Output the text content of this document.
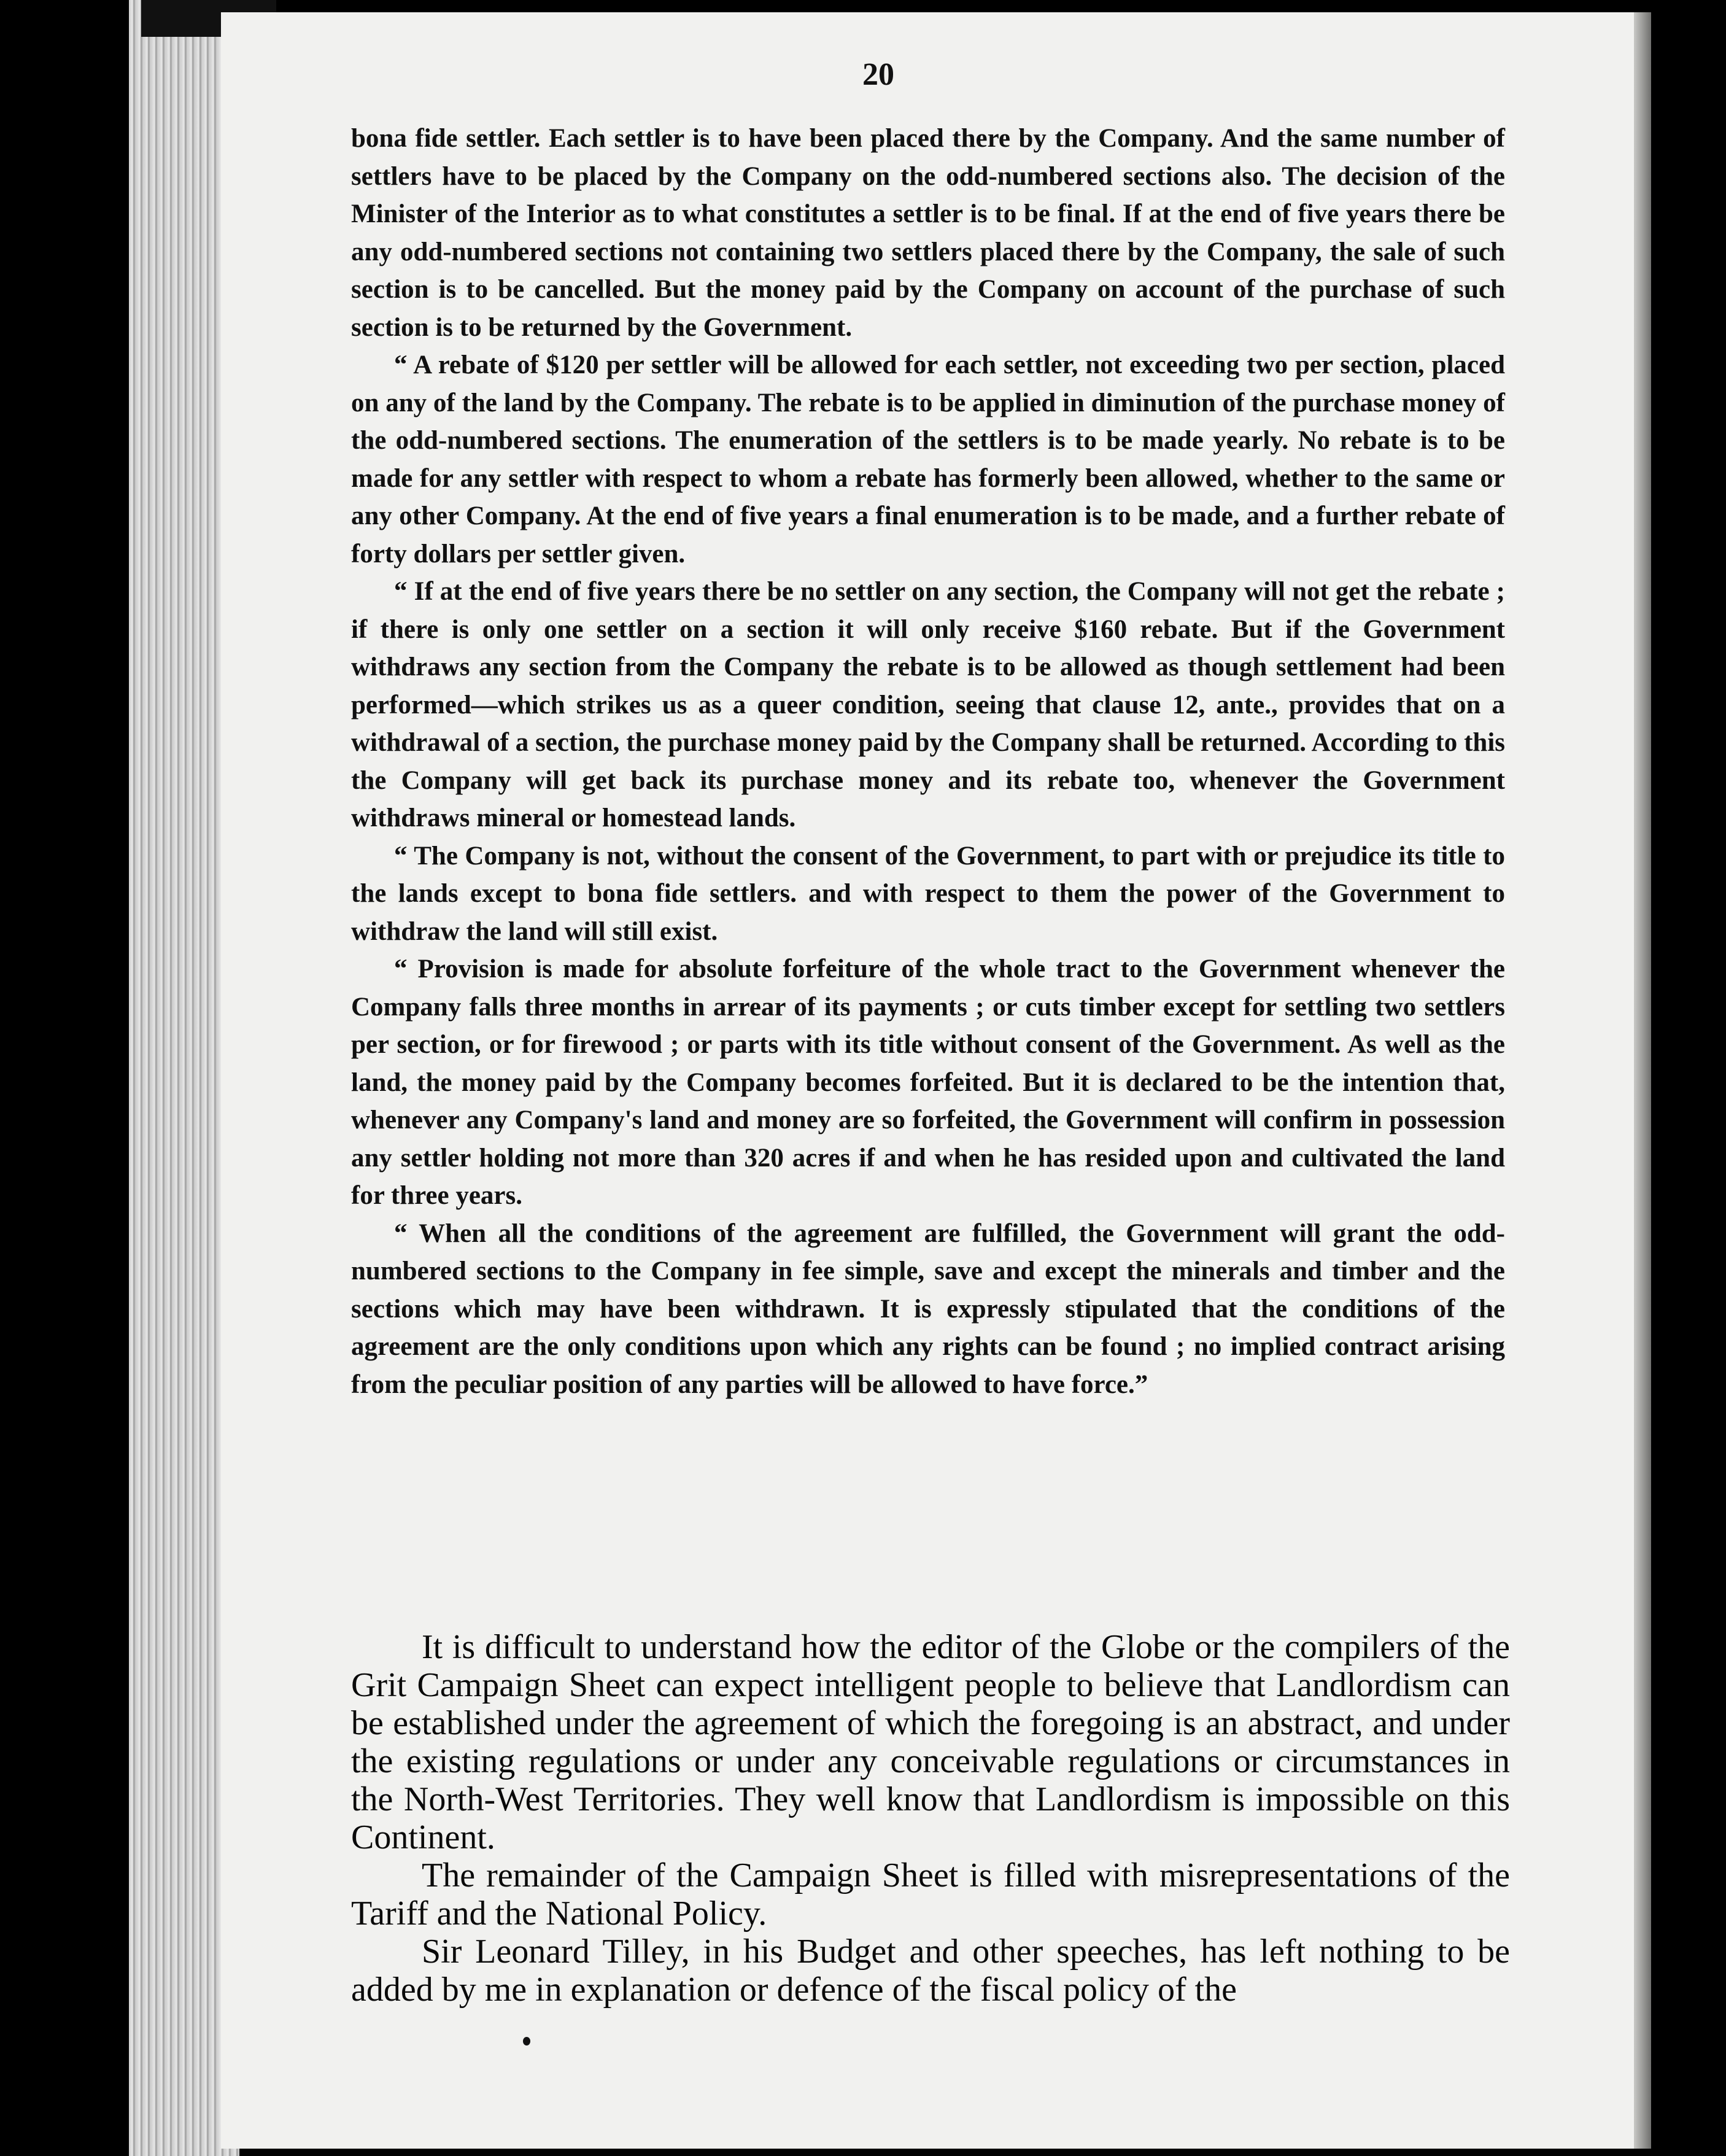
20

bona fide settler. Each settler is to have been placed there by the Company. And the same number of settlers have to be placed by the Company on the odd-numbered sections also. The decision of the Minister of the Interior as to what constitutes a settler is to be final. If at the end of five years there be any odd-numbered sections not containing two settlers placed there by the Company, the sale of such section is to be cancelled. But the money paid by the Company on account of the purchase of such section is to be returned by the Government.

“ A rebate of $120 per settler will be allowed for each settler, not exceeding two per section, placed on any of the land by the Company. The rebate is to be applied in diminution of the purchase money of the odd-numbered sections. The enumeration of the settlers is to be made yearly. No rebate is to be made for any settler with respect to whom a rebate has formerly been allowed, whether to the same or any other Company. At the end of five years a final enumeration is to be made, and a further rebate of forty dollars per settler given.

“ If at the end of five years there be no settler on any section, the Company will not get the rebate ; if there is only one settler on a section it will only receive $160 rebate. But if the Government withdraws any section from the Company the rebate is to be allowed as though settlement had been performed—which strikes us as a queer condition, seeing that clause 12, ante., provides that on a withdrawal of a section, the purchase money paid by the Company shall be returned. According to this the Company will get back its purchase money and its rebate too, whenever the Government withdraws mineral or homestead lands.

“ The Company is not, without the consent of the Government, to part with or prejudice its title to the lands except to bona fide settlers. and with respect to them the power of the Government to withdraw the land will still exist.

“ Provision is made for absolute forfeiture of the whole tract to the Government whenever the Company falls three months in arrear of its payments ; or cuts timber except for settling two settlers per section, or for firewood ; or parts with its title without consent of the Government. As well as the land, the money paid by the Company becomes forfeited. But it is declared to be the intention that, whenever any Company's land and money are so forfeited, the Government will confirm in possession any settler holding not more than 320 acres if and when he has resided upon and cultivated the land for three years.

“ When all the conditions of the agreement are fulfilled, the Government will grant the odd-numbered sections to the Company in fee simple, save and except the minerals and timber and the sections which may have been withdrawn. It is expressly stipulated that the conditions of the agreement are the only conditions upon which any rights can be found ; no implied contract arising from the peculiar position of any parties will be allowed to have force.”

It is difficult to understand how the editor of the Globe or the compilers of the Grit Campaign Sheet can expect intelligent people to believe that Landlordism can be established under the agreement of which the foregoing is an abstract, and under the existing regulations or under any conceivable regulations or circumstances in the North-West Territories. They well know that Landlordism is impossible on this Continent.

The remainder of the Campaign Sheet is filled with misrepresentations of the Tariff and the National Policy.

Sir Leonard Tilley, in his Budget and other speeches, has left nothing to be added by me in explanation or defence of the fiscal policy of the
